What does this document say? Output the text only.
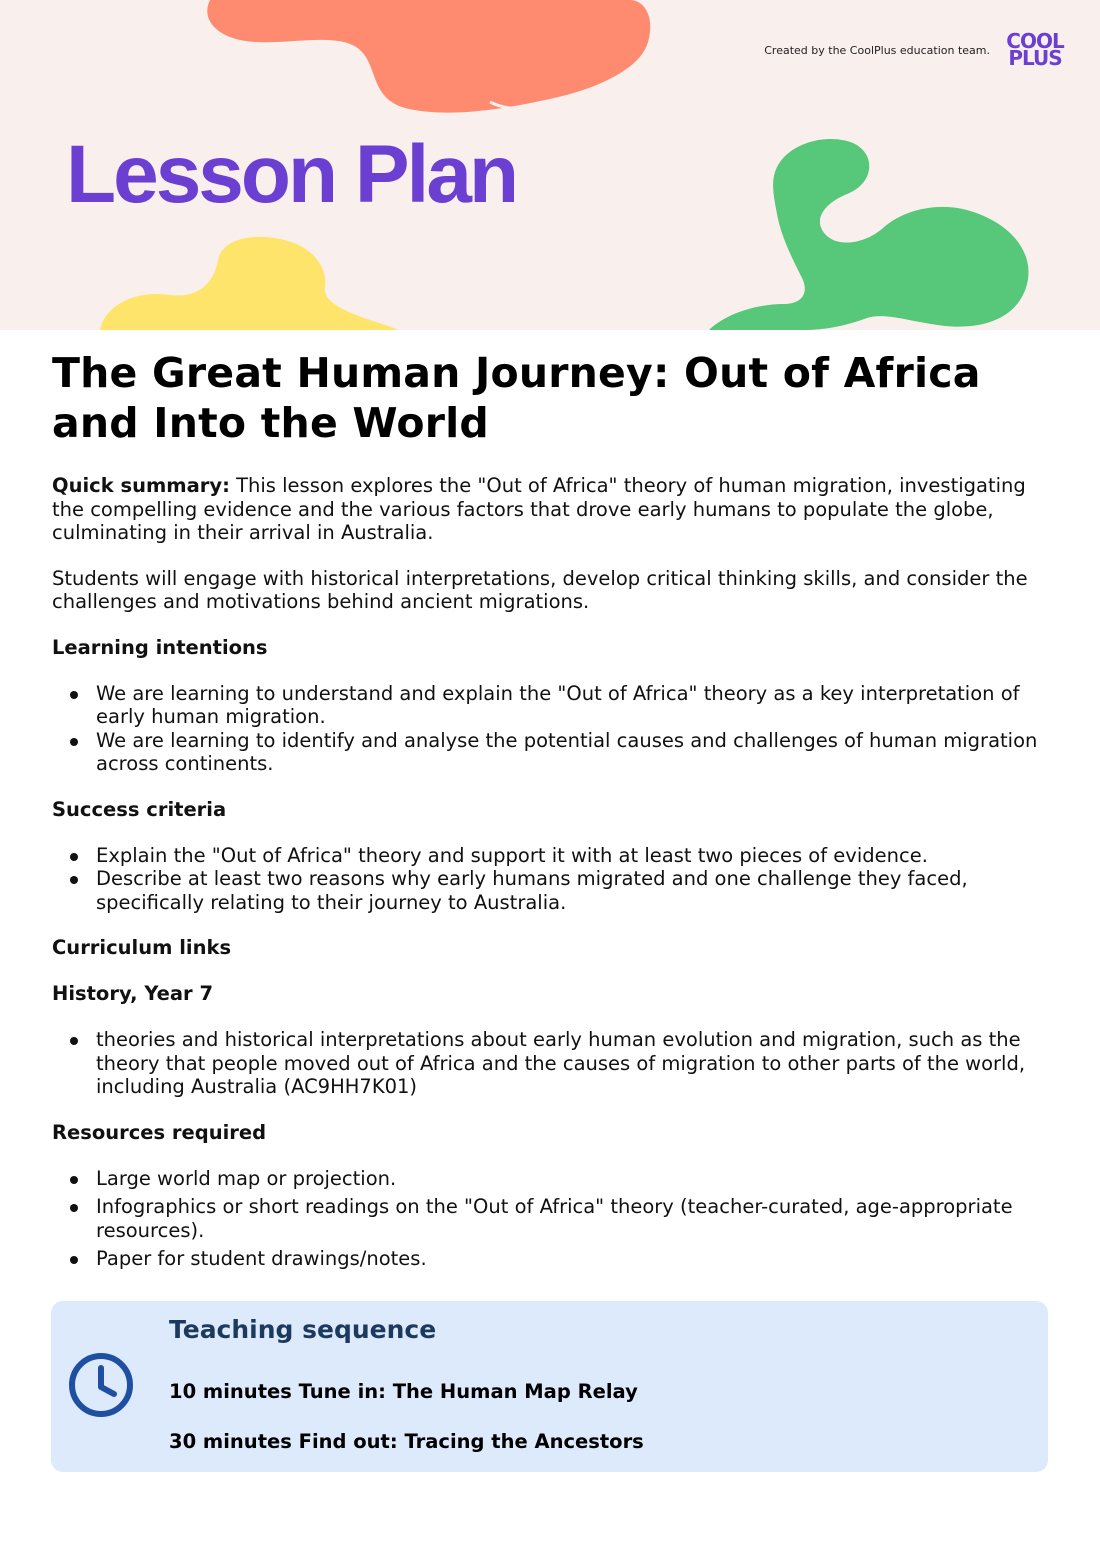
Created by the CoolPlus education team. COOL
PLUS
Lesson Plan
The Great Human Journey: Out of Africa and Into the World

Quick summary: This lesson explores the "Out of Africa" theory of human migration, investigating the compelling evidence and the various factors that drove early humans to populate the globe, culminating in their arrival in Australia.

Students will engage with historical interpretations, develop critical thinking skills, and consider the challenges and motivations behind ancient migrations.

Learning intentions
We are learning to understand and explain the "Out of Africa" theory as a key interpretation of early human migration.
We are learning to identify and analyse the potential causes and challenges of human migration across continents.
Success criteria
Explain the "Out of Africa" theory and support it with at least two pieces of evidence.
Describe at least two reasons why early humans migrated and one challenge they faced, specifically relating to their journey to Australia.
Curriculum links
History, Year 7
theories and historical interpretations about early human evolution and migration, such as the theory that people moved out of Africa and the causes of migration to other parts of the world, including Australia (AC9HH7K01)
Resources required
Large world map or projection.
Infographics or short readings on the "Out of Africa" theory (teacher-curated, age-appropriate resources).
Paper for student drawings/notes.
Teaching sequence
10 minutes Tune in: The Human Map Relay
30 minutes Find out: Tracing the Ancestors
